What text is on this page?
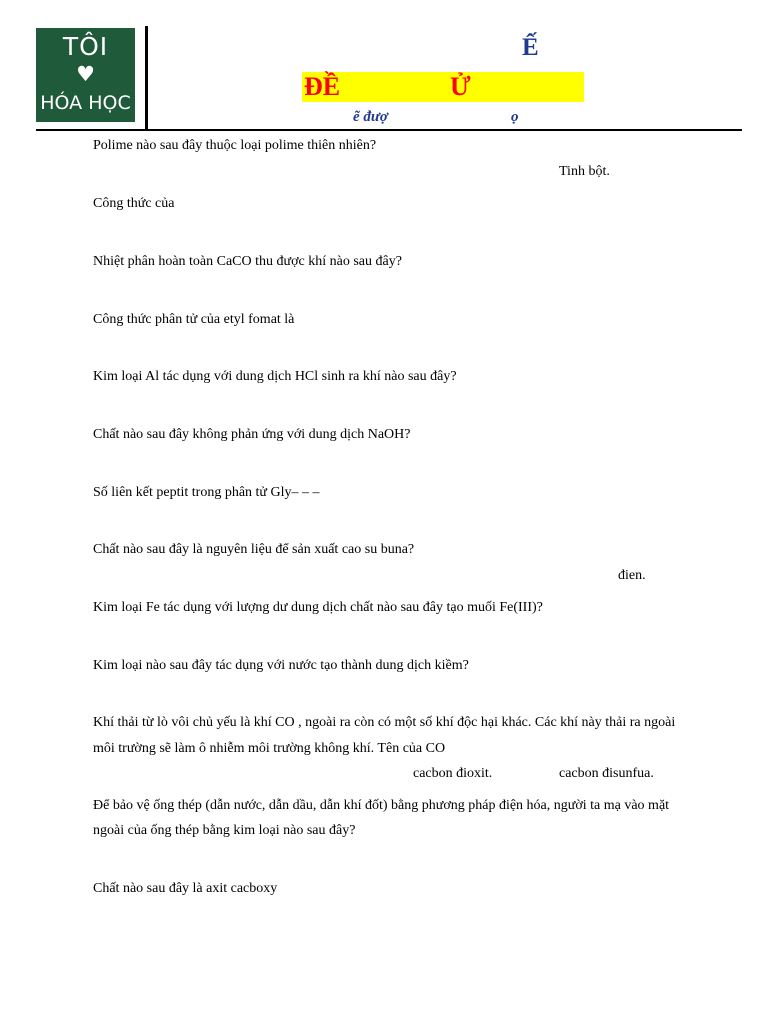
TÔI
♥
HÓA HỌC
Ế
ĐỀ	Ử
ẽ đượ	ọ
Polime nào sau đây thuộc loại polime thiên nhiên?
Tinh bột.
Công thức của
Nhiệt phân hoàn toàn CaCO thu được khí nào sau đây?
Công thức phân tử của etyl fomat là
Kim loại Al tác dụng với dung dịch HCl sinh ra khí nào sau đây?
Chất nào sau đây không phản ứng với dung dịch NaOH?
Số liên kết peptit trong phân tử Gly– – –
Chất nào sau đây là nguyên liệu để sản xuất cao su buna?
đien.
Kim loại Fe tác dụng với lượng dư dung dịch chất nào sau đây tạo muối Fe(III)?
Kim loại nào sau đây tác dụng với nước tạo thành dung dịch kiềm?
Khí thải từ lò vôi chủ yếu là khí CO , ngoài ra còn có một số khí độc hại khác. Các khí này thải ra ngoài
môi trường sẽ làm ô nhiễm môi trường không khí. Tên của CO
cacbon đioxit.	cacbon đisunfua.
Để bảo vệ ống thép (dẫn nước, dẫn dầu, dẫn khí đốt) bằng phương pháp điện hóa, người ta mạ vào mặt
ngoài của ống thép bằng kim loại nào sau đây?
Chất nào sau đây là axit cacboxy
